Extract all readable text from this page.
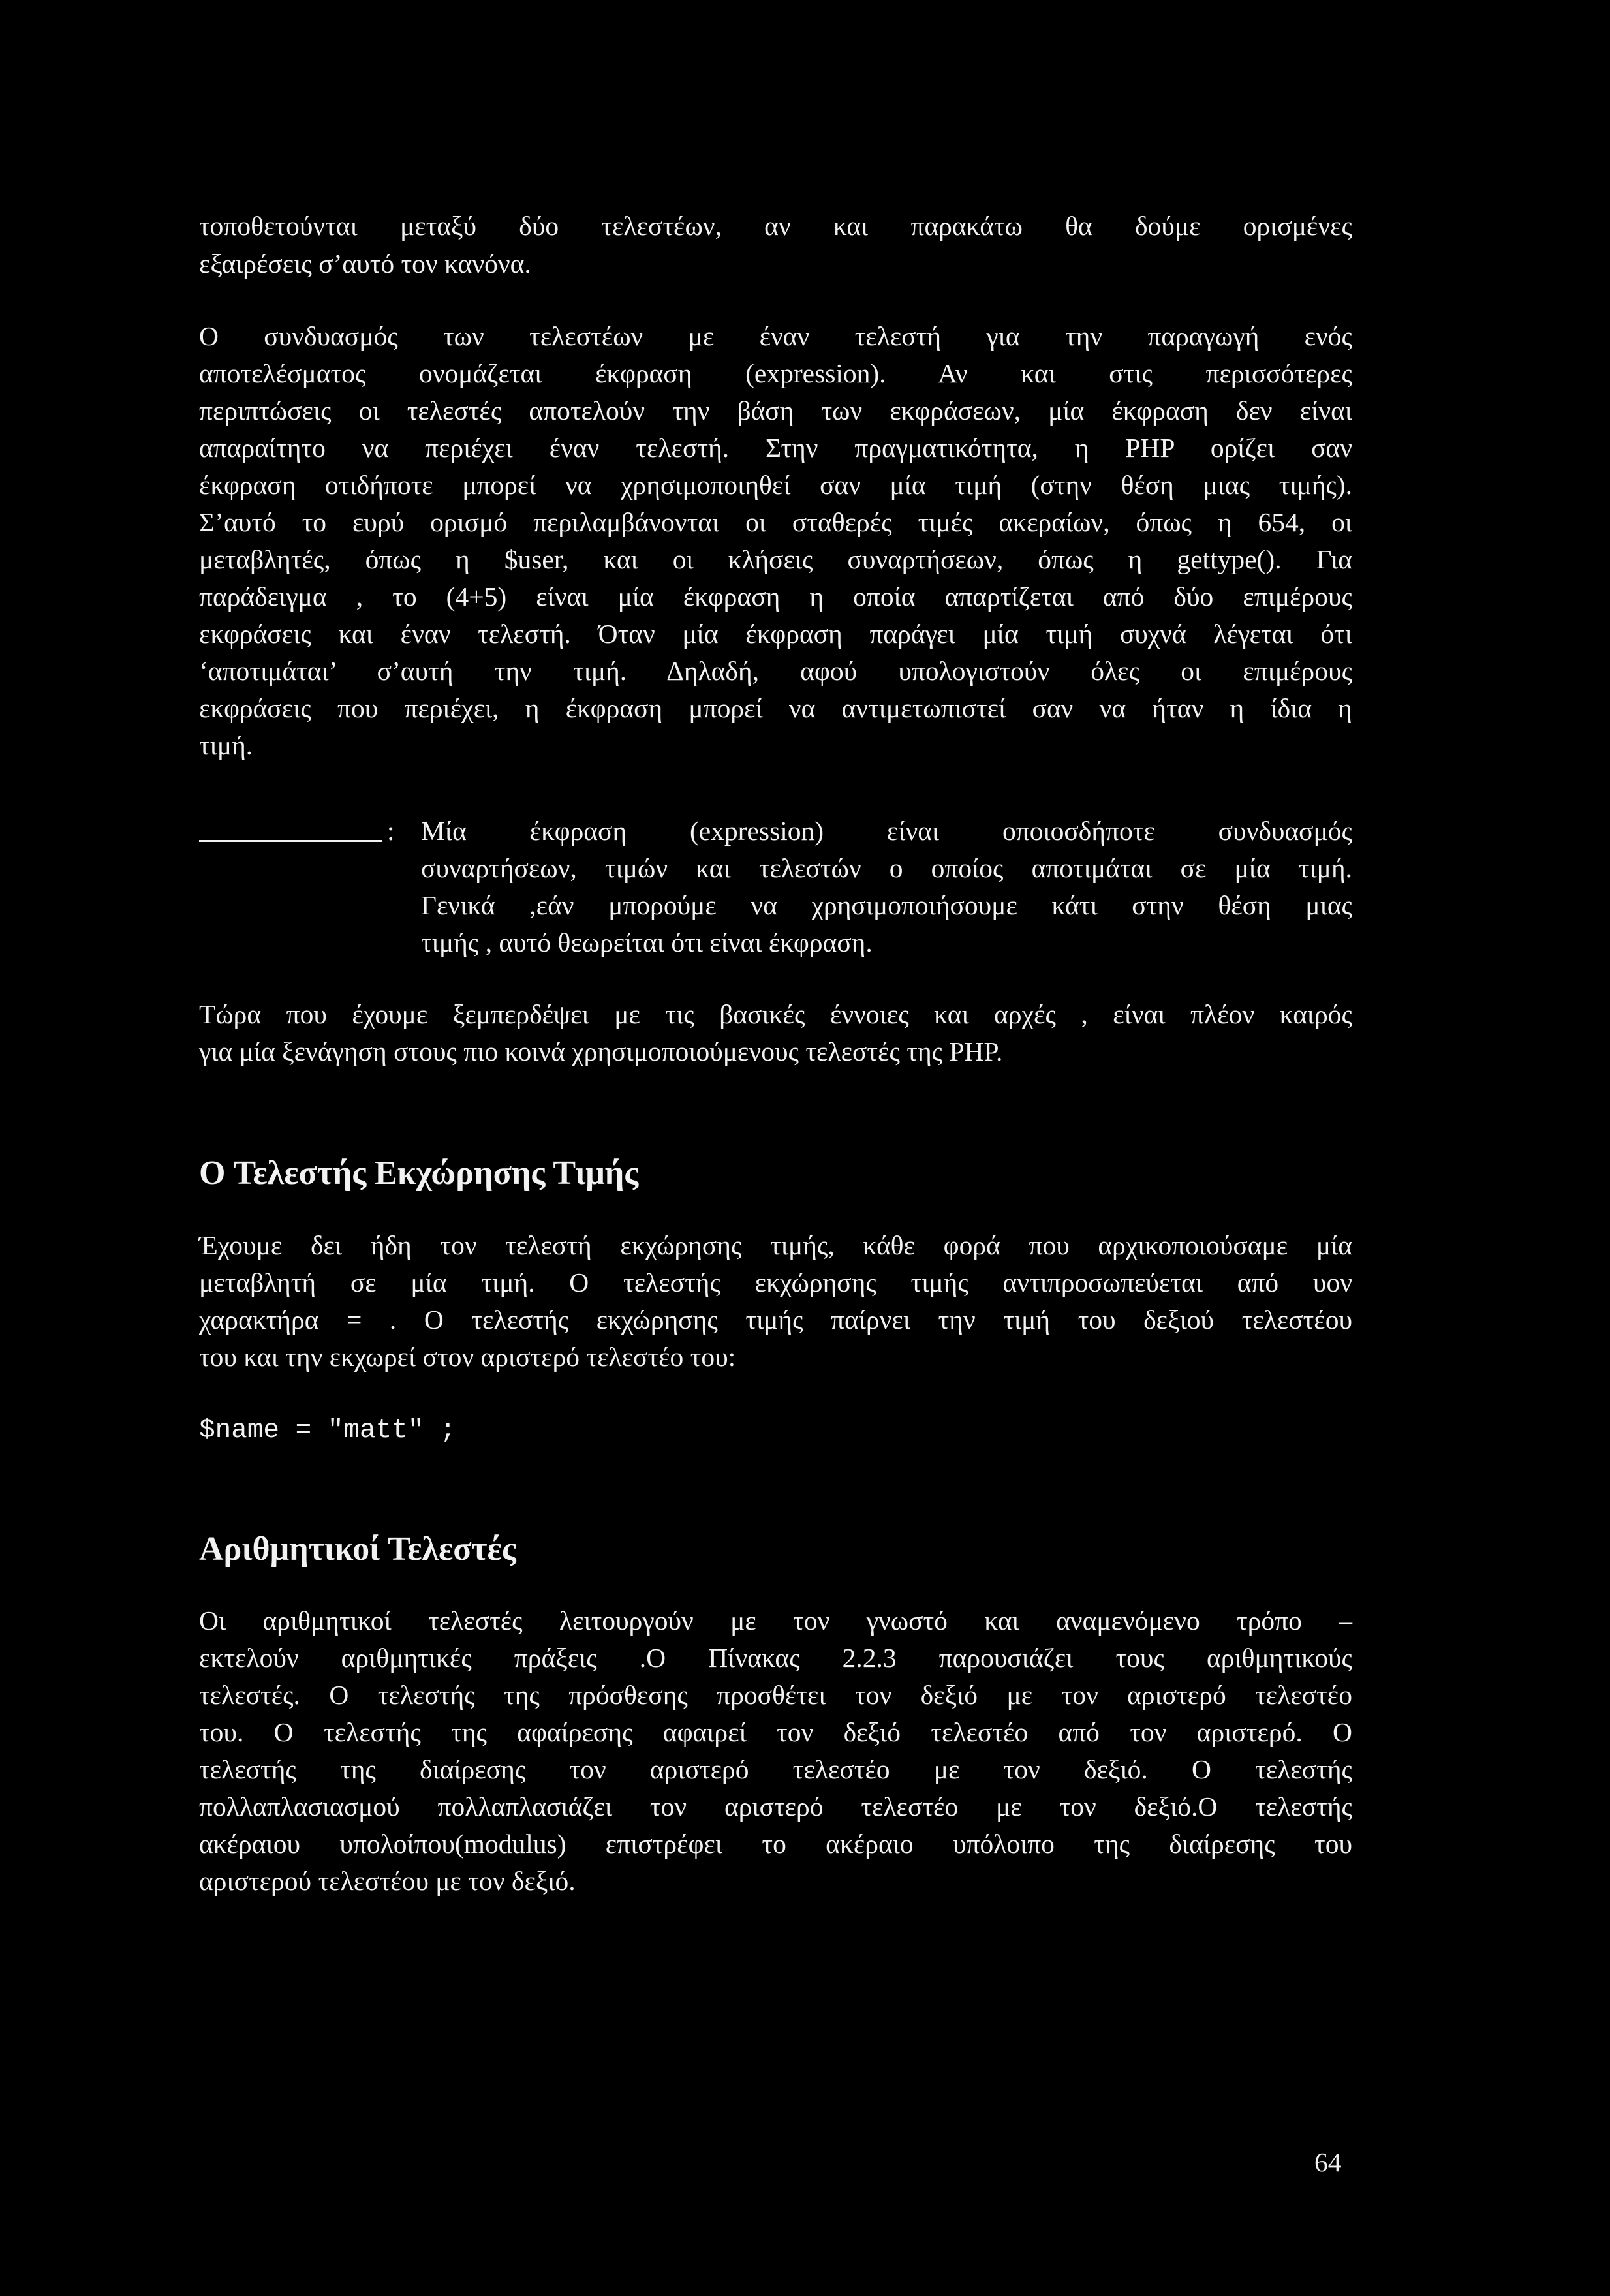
τοποθετούνται μεταξύ δύο τελεστέων, αν και παρακάτω θα δούμε ορισμένες
εξαιρέσεις σ’αυτό τον κανόνα.
Ο συνδυασμός των τελεστέων με έναν τελεστή για την παραγωγή ενός
αποτελέσματος ονομάζεται έκφραση (expression). Αν και στις περισσότερες
περιπτώσεις οι τελεστές αποτελούν την βάση των εκφράσεων, μία έκφραση δεν είναι
απαραίτητο να περιέχει έναν τελεστή. Στην πραγματικότητα, η PHP ορίζει σαν
έκφραση οτιδήποτε μπορεί να χρησιμοποιηθεί σαν μία τιμή (στην θέση μιας τιμής).
Σ’αυτό το ευρύ ορισμό περιλαμβάνονται οι σταθερές τιμές ακεραίων, όπως η 654, οι
μεταβλητές, όπως η $user, και οι κλήσεις συναρτήσεων, όπως η gettype(). Για
παράδειγμα , το (4+5) είναι μία έκφραση η οποία απαρτίζεται από δύο επιμέρους
εκφράσεις και έναν τελεστή. Όταν μία έκφραση παράγει μία τιμή συχνά λέγεται ότι
‘αποτιμάται’ σ’αυτή την τιμή. Δηλαδή, αφού υπολογιστούν όλες οι επιμέρους
εκφράσεις που περιέχει, η έκφραση μπορεί να αντιμετωπιστεί σαν να ήταν η ίδια η
τιμή.
: Μία έκφραση (expression) είναι οποιοσδήποτε συνδυασμός
συναρτήσεων, τιμών και τελεστών ο οποίος αποτιμάται σε μία τιμή.
Γενικά ,εάν μπορούμε να χρησιμοποιήσουμε κάτι στην θέση μιας
τιμής , αυτό θεωρείται ότι είναι έκφραση.
Τώρα που έχουμε ξεμπερδέψει με τις βασικές έννοιες και αρχές , είναι πλέον καιρός
για μία ξενάγηση στους πιο κοινά χρησιμοποιούμενους τελεστές της PHP.
Ο Τελεστής Εκχώρησης Τιμής
Έχουμε δει ήδη τον τελεστή εκχώρησης τιμής, κάθε φορά που αρχικοποιούσαμε μία
μεταβλητή σε μία τιμή. Ο τελεστής εκχώρησης τιμής αντιπροσωπεύεται από υον
χαρακτήρα = . Ο τελεστής εκχώρησης τιμής παίρνει την τιμή του δεξιού τελεστέου
του και την εκχωρεί στον αριστερό τελεστέο του:
$name = "matt" ;
Αριθμητικοί Τελεστές
Οι αριθμητικοί τελεστές λειτουργούν με τον γνωστό και αναμενόμενο τρόπο –
εκτελούν αριθμητικές πράξεις .Ο Πίνακας 2.2.3 παρουσιάζει τους αριθμητικούς
τελεστές. Ο τελεστής της πρόσθεσης προσθέτει τον δεξιό με τον αριστερό τελεστέο
του. Ο τελεστής της αφαίρεσης αφαιρεί τον δεξιό τελεστέο από τον αριστερό. Ο
τελεστής της διαίρεσης τον αριστερό τελεστέο με τον δεξιό. Ο τελεστής
πολλαπλασιασμού πολλαπλασιάζει τον αριστερό τελεστέο με τον δεξιό.Ο τελεστής
ακέραιου υπολοίπου(modulus) επιστρέφει το ακέραιο υπόλοιπο της διαίρεσης του
αριστερού τελεστέου με τον δεξιό.
64
